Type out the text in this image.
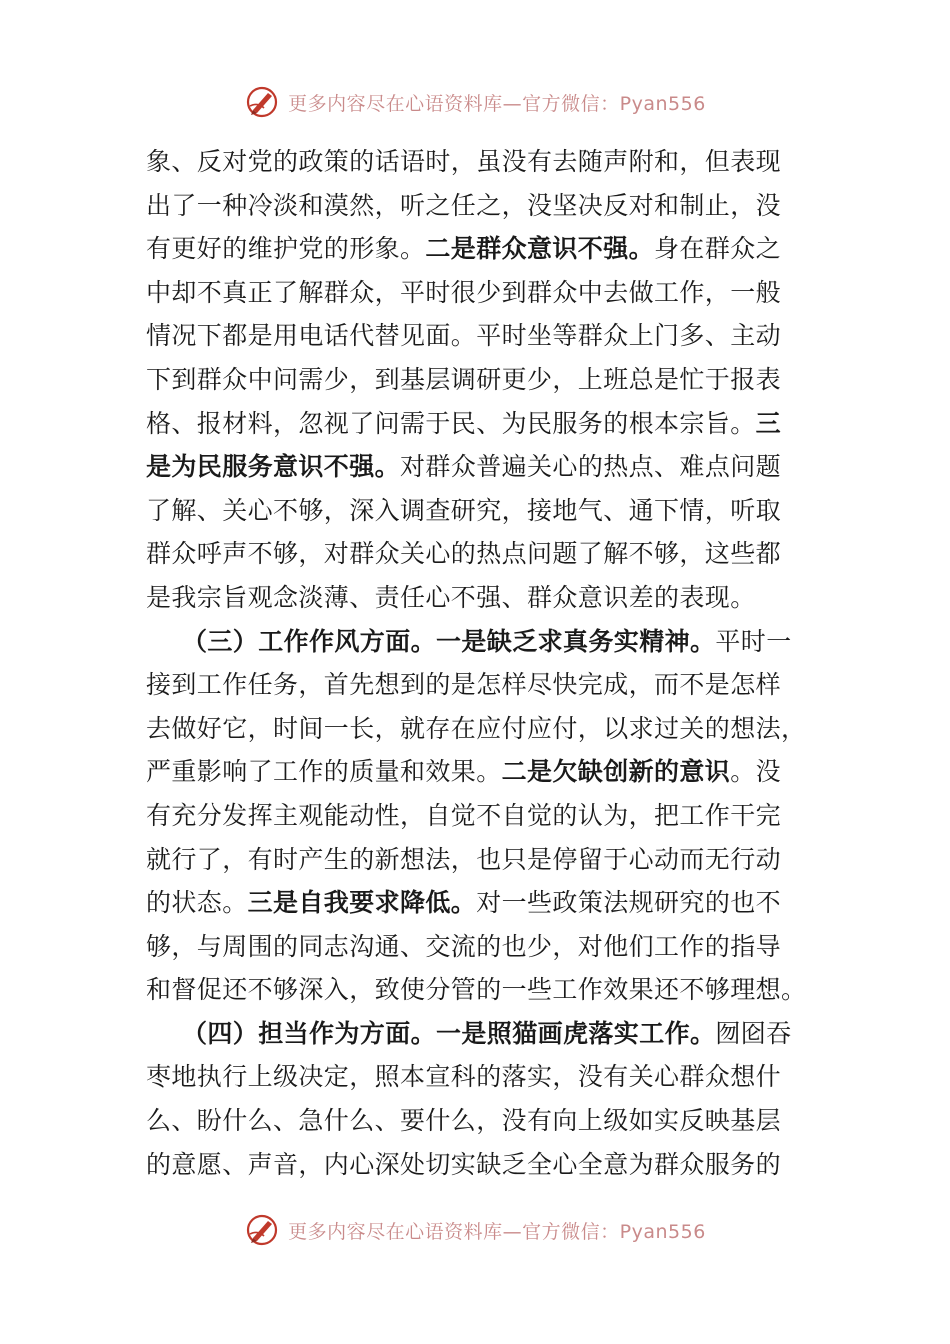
更多内容尽在心语资料库—官方微信：Pyan556
象、反对党的政策的话语时，虽没有去随声附和，但表现
出了一种冷淡和漠然，听之任之，没坚决反对和制止，没
有更好的维护党的形象。二是群众意识不强。身在群众之
中却不真正了解群众，平时很少到群众中去做工作，一般
情况下都是用电话代替见面。平时坐等群众上门多、主动
下到群众中问需少，到基层调研更少，上班总是忙于报表
格、报材料，忽视了问需于民、为民服务的根本宗旨。三
是为民服务意识不强。对群众普遍关心的热点、难点问题
了解、关心不够，深入调查研究，接地气、通下情，听取
群众呼声不够，对群众关心的热点问题了解不够，这些都
是我宗旨观念淡薄、责任心不强、群众意识差的表现。
（三）工作作风方面。一是缺乏求真务实精神。平时一
接到工作任务，首先想到的是怎样尽快完成，而不是怎样
去做好它，时间一长，就存在应付应付，以求过关的想法，
严重影响了工作的质量和效果。二是欠缺创新的意识。没
有充分发挥主观能动性，自觉不自觉的认为，把工作干完
就行了，有时产生的新想法，也只是停留于心动而无行动
的状态。三是自我要求降低。对一些政策法规研究的也不
够，与周围的同志沟通、交流的也少，对他们工作的指导
和督促还不够深入，致使分管的一些工作效果还不够理想。
（四）担当作为方面。一是照猫画虎落实工作。囫囵吞
枣地执行上级决定，照本宣科的落实，没有关心群众想什
么、盼什么、急什么、要什么，没有向上级如实反映基层
的意愿、声音，内心深处切实缺乏全心全意为群众服务的
更多内容尽在心语资料库—官方微信：Pyan556
